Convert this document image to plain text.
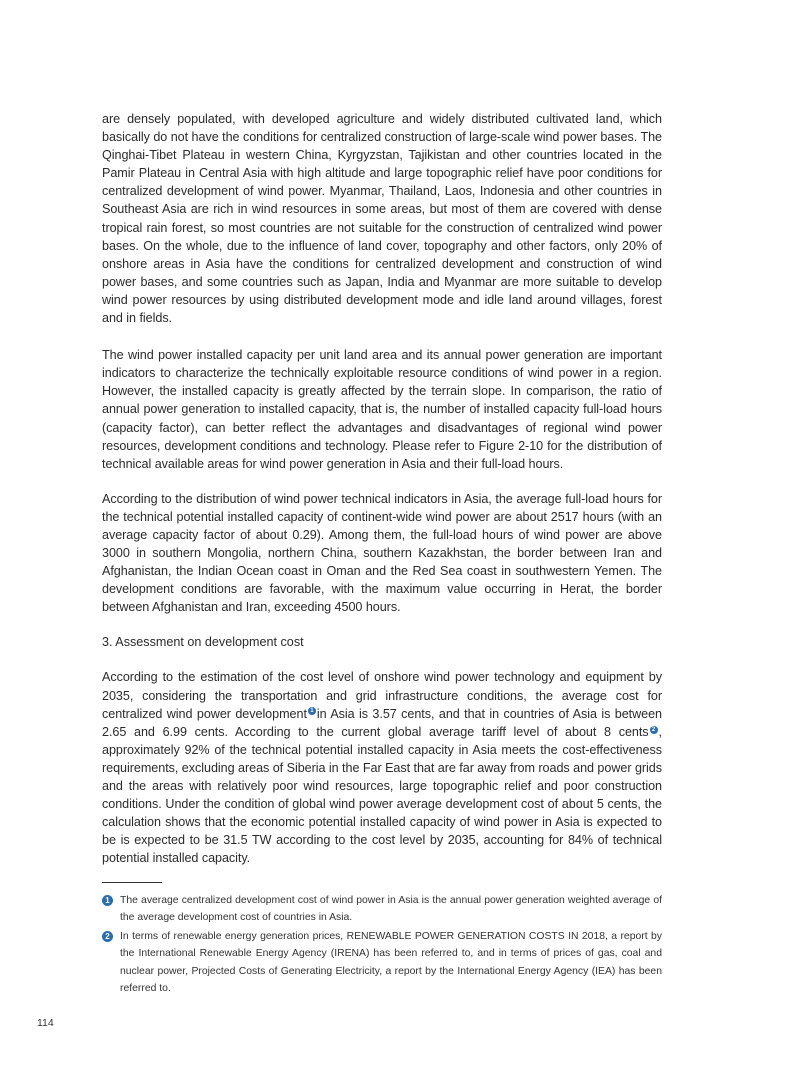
are densely populated, with developed agriculture and widely distributed cultivated land, which basically do not have the conditions for centralized construction of large-scale wind power bases. The Qinghai-Tibet Plateau in western China, Kyrgyzstan, Tajikistan and other countries located in the Pamir Plateau in Central Asia with high altitude and large topographic relief have poor conditions for centralized development of wind power. Myanmar, Thailand, Laos, Indonesia and other countries in Southeast Asia are rich in wind resources in some areas, but most of them are covered with dense tropical rain forest, so most countries are not suitable for the construction of centralized wind power bases. On the whole, due to the influence of land cover, topography and other factors, only 20% of onshore areas in Asia have the conditions for centralized development and construction of wind power bases, and some countries such as Japan, India and Myanmar are more suitable to develop wind power resources by using distributed development mode and idle land around villages, forest and in fields.

The wind power installed capacity per unit land area and its annual power generation are important indicators to characterize the technically exploitable resource conditions of wind power in a region. However, the installed capacity is greatly affected by the terrain slope. In comparison, the ratio of annual power generation to installed capacity, that is, the number of installed capacity full-load hours (capacity factor), can better reflect the advantages and disadvantages of regional wind power resources, development conditions and technology. Please refer to Figure 2-10 for the distribution of technical available areas for wind power generation in Asia and their full-load hours.

According to the distribution of wind power technical indicators in Asia, the average full-load hours for the technical potential installed capacity of continent-wide wind power are about 2517 hours (with an average capacity factor of about 0.29). Among them, the full-load hours of wind power are above 3000 in southern Mongolia, northern China, southern Kazakhstan, the border between Iran and Afghanistan, the Indian Ocean coast in Oman and the Red Sea coast in southwestern Yemen. The development conditions are favorable, with the maximum value occurring in Herat, the border between Afghanistan and Iran, exceeding 4500 hours.

3. Assessment on development cost

According to the estimation of the cost level of onshore wind power technology and equipment by 2035, considering the transportation and grid infrastructure conditions, the average cost for centralized wind power development 1 in Asia is 3.57 cents, and that in countries of Asia is between 2.65 and 6.99 cents. According to the current global average tariff level of about 8 cents 2 , approximately 92% of the technical potential installed capacity in Asia meets the cost-effectiveness requirements, excluding areas of Siberia in the Far East that are far away from roads and power grids and the areas with relatively poor wind resources, large topographic relief and poor construction conditions. Under the condition of global wind power average development cost of about 5 cents, the calculation shows that the economic potential installed capacity of wind power in Asia is expected to be is expected to be 31.5 TW according to the cost level by 2035, accounting for 84% of technical potential installed capacity.

1 The average centralized development cost of wind power in Asia is the annual power generation weighted average of the average development cost of countries in Asia.
2 In terms of renewable energy generation prices, RENEWABLE POWER GENERATION COSTS IN 2018, a report by the International Renewable Energy Agency (IRENA) has been referred to, and in terms of prices of gas, coal and nuclear power, Projected Costs of Generating Electricity, a report by the International Energy Agency (IEA) has been referred to.
114
